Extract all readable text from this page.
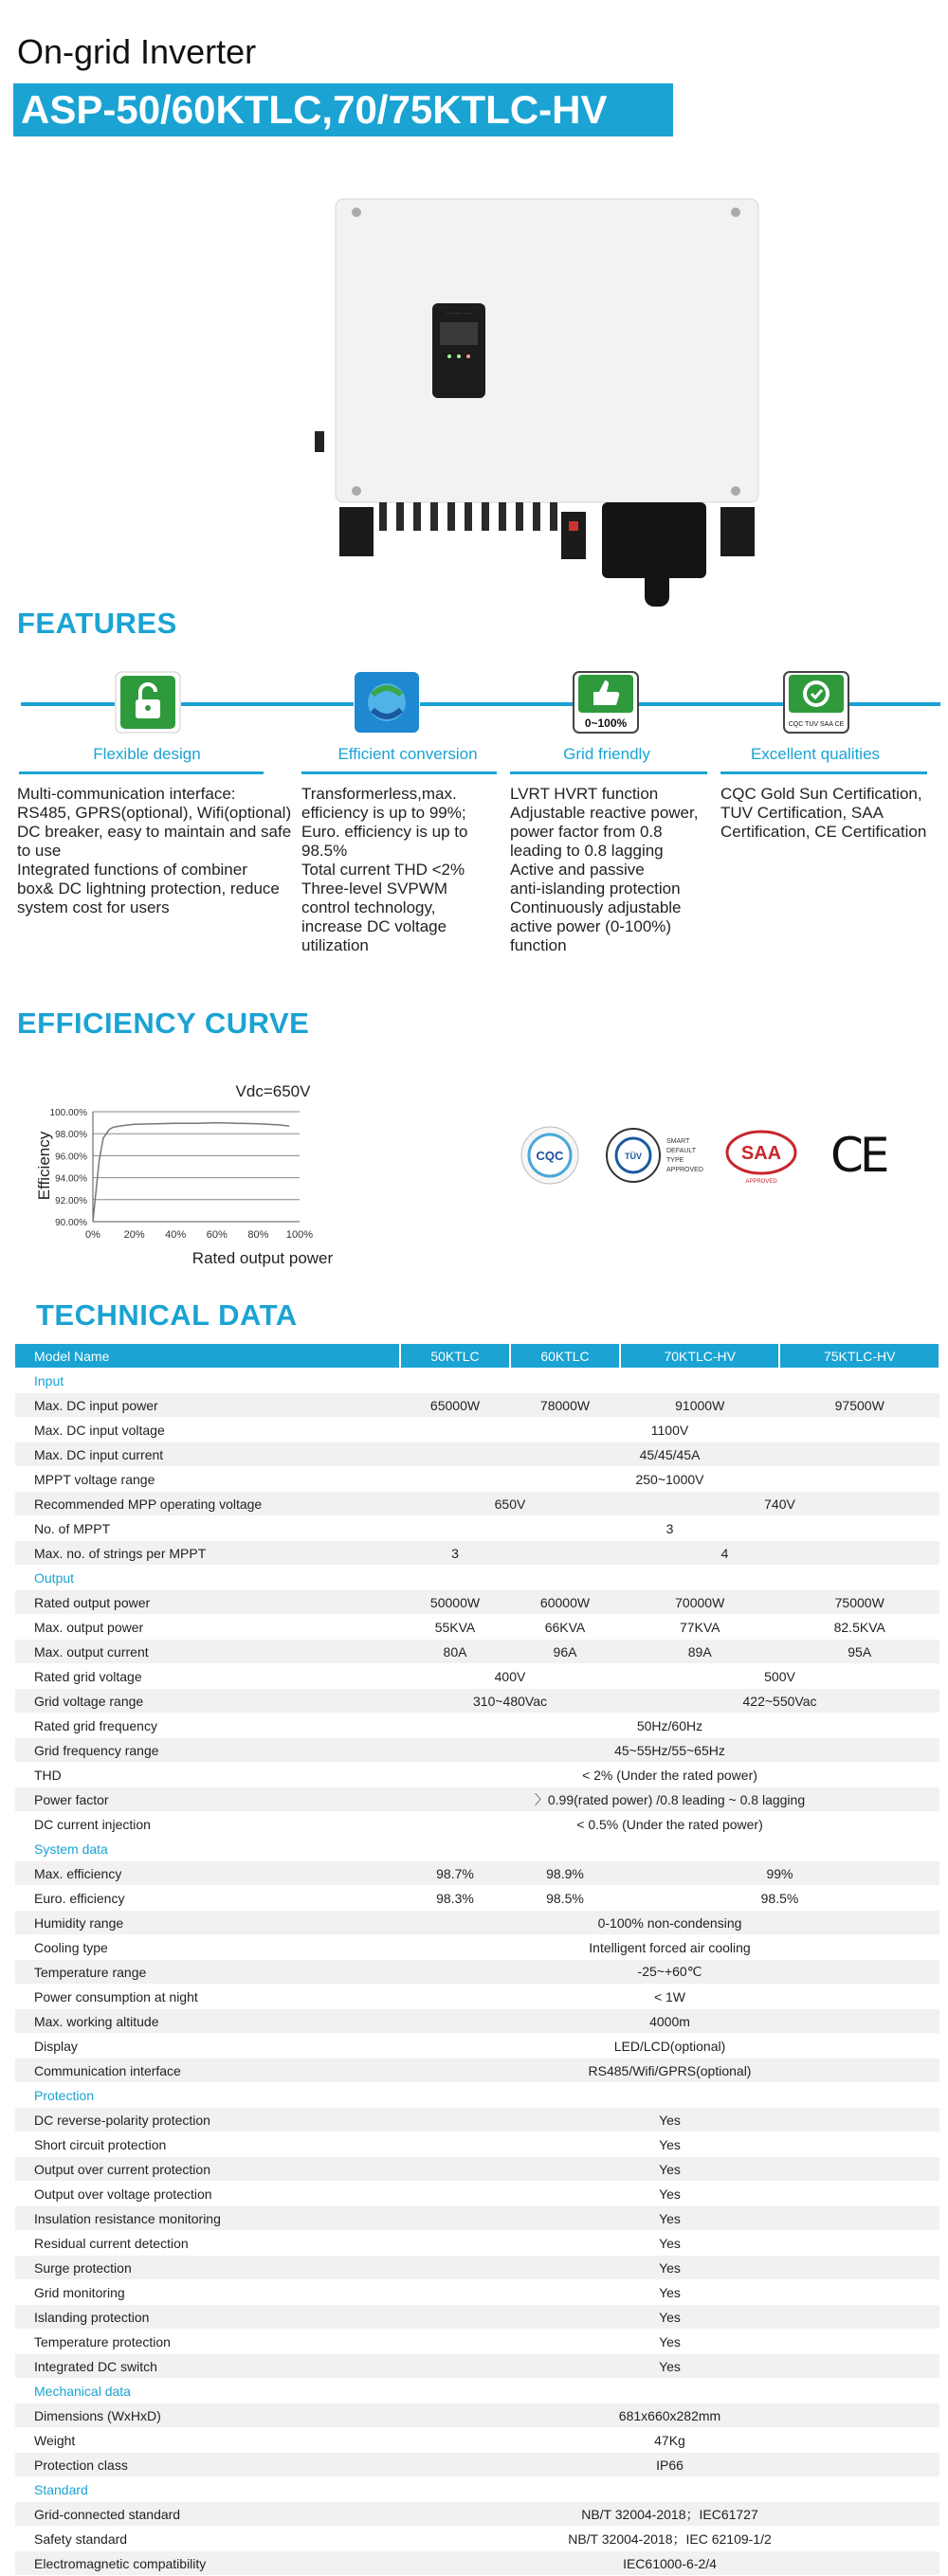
On-grid Inverter
ASP-50/60KTLC,70/75KTLC-HV
...... ........ ........
FEATURES
0~100%	CQC TUV SAA CE
Flexible design	Efficient conversion	Grid friendly	Excellent qualities
Multi-communication interface:
RS485, GPRS(optional), Wifi(optional)
DC breaker, easy to maintain and safe
to use
Integrated functions of combiner
box& DC lightning protection, reduce
system cost for users
Transformerless,max.
efficiency is up to 99%;
Euro. efficiency is up to
98.5%
Total current THD <2%
Three-level SVPWM
control technology,
increase DC voltage
utilization
LVRT HVRT function
Adjustable reactive power,
power factor from 0.8
leading to 0.8 lagging
Active and passive
anti-islanding protection
Continuously adjustable
active power (0-100%)
function
CQC Gold Sun Certification,
TUV Certification, SAA
Certification, CE Certification
EFFICIENCY CURVE
Vdc=650V
90.00%
92.00%
94.00%
96.00%
98.00%
100.00%
0% 20% 40% 60% 80% 100%
Rated output power
Efficiency	CQC	TÜV
SMART
DEFAULT
TYPE
APPROVED
SAA
APPROVED CE
TECHNICAL DATA
Model Name	50KTLC	60KTLC	70KTLC-HV	75KTLC-HV
Input				
Max. DC input power	65000W	78000W	91000W	97500W
Max. DC input voltage	1100V			
Max. DC input current	45/45/45A			
MPPT voltage range	250~1000V			
Recommended MPP operating voltage	650V		740V	
No. of MPPT	3			
Max. no. of strings per MPPT	3	4		
Output				
Rated output power	50000W	60000W	70000W	75000W
Max. output power	55KVA	66KVA	77KVA	82.5KVA
Max. output current	80A	96A	89A	95A
Rated grid voltage	400V		500V	
Grid voltage range	310~480Vac		422~550Vac	
Rated grid frequency	50Hz/60Hz			
Grid frequency range	45~55Hz/55~65Hz			
THD	< 2% (Under the rated power)			
Power factor	〉0.99(rated power) /0.8 leading ~ 0.8 lagging			
DC current injection	< 0.5% (Under the rated power)			
System data				
Max. efficiency	98.7%	98.9%	99%	
Euro. efficiency	98.3%	98.5%	98.5%	
Humidity range	0-100% non-condensing			
Cooling type	Intelligent forced air cooling			
Temperature range	-25~+60℃			
Power consumption at night	< 1W			
Max. working altitude	4000m			
Display	LED/LCD(optional)			
Communication interface	RS485/Wifi/GPRS(optional)			
Protection				
DC reverse-polarity protection	Yes			
Short circuit protection	Yes			
Output over current protection	Yes			
Output over voltage protection	Yes			
Insulation resistance monitoring	Yes			
Residual current detection	Yes			
Surge protection	Yes			
Grid monitoring	Yes			
Islanding protection	Yes			
Temperature protection	Yes			
Integrated DC switch	Yes			
Mechanical data				
Dimensions (WxHxD)	681x660x282mm			
Weight	47Kg			
Protection class	IP66			
Standard				
Grid-connected standard	NB/T 32004-2018；IEC61727			
Safety standard	NB/T 32004-2018；IEC 62109-1/2			
Electromagnetic compatibility	IEC61000-6-2/4			
